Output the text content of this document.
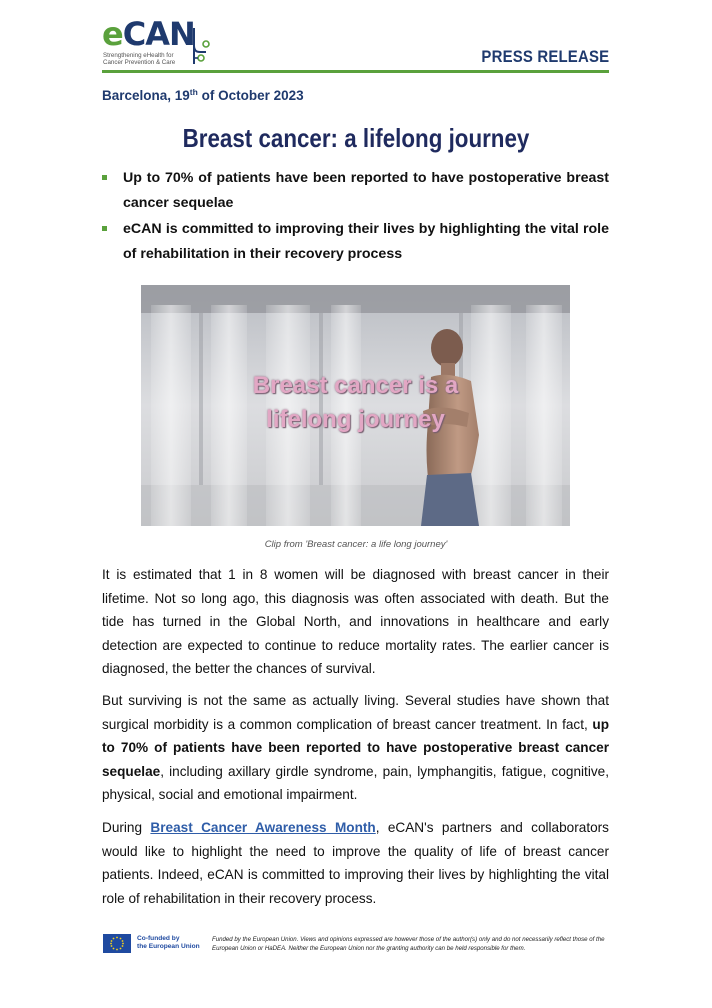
eCAN
Strengthening eHealth for
Cancer Prevention & Care	PRESS RELEASE
Barcelona, 19th of October 2023
Breast cancer: a lifelong journey
Up to 70% of patients have been reported to have postoperative breast cancer sequelae
eCAN is committed to improving their lives by highlighting the vital role of rehabilitation in their recovery process
Breast cancer is a
lifelong journey
Clip from 'Breast cancer: a life long journey'

It is estimated that 1 in 8 women will be diagnosed with breast cancer in their lifetime. Not so long ago, this diagnosis was often associated with death. But the tide has turned in the Global North, and innovations in healthcare and early detection are expected to continue to reduce mortality rates. The earlier cancer is diagnosed, the better the chances of survival.

But surviving is not the same as actually living. Several studies have shown that surgical morbidity is a common complication of breast cancer treatment. In fact, up to 70% of patients have been reported to have postoperative breast cancer sequelae, including axillary girdle syndrome, pain, lymphangitis, fatigue, cognitive, physical, social and emotional impairment.

During Breast Cancer Awareness Month, eCAN's partners and collaborators would like to highlight the need to improve the quality of life of breast cancer patients. Indeed, eCAN is committed to improving their lives by highlighting the vital role of rehabilitation in their recovery process.

Co-funded by
the European Union
Funded by the European Union. Views and opinions expressed are however those of the author(s) only and do not necessarily reflect those of the European Union or HaDEA. Neither the European Union nor the granting authority can be held responsible for them.
